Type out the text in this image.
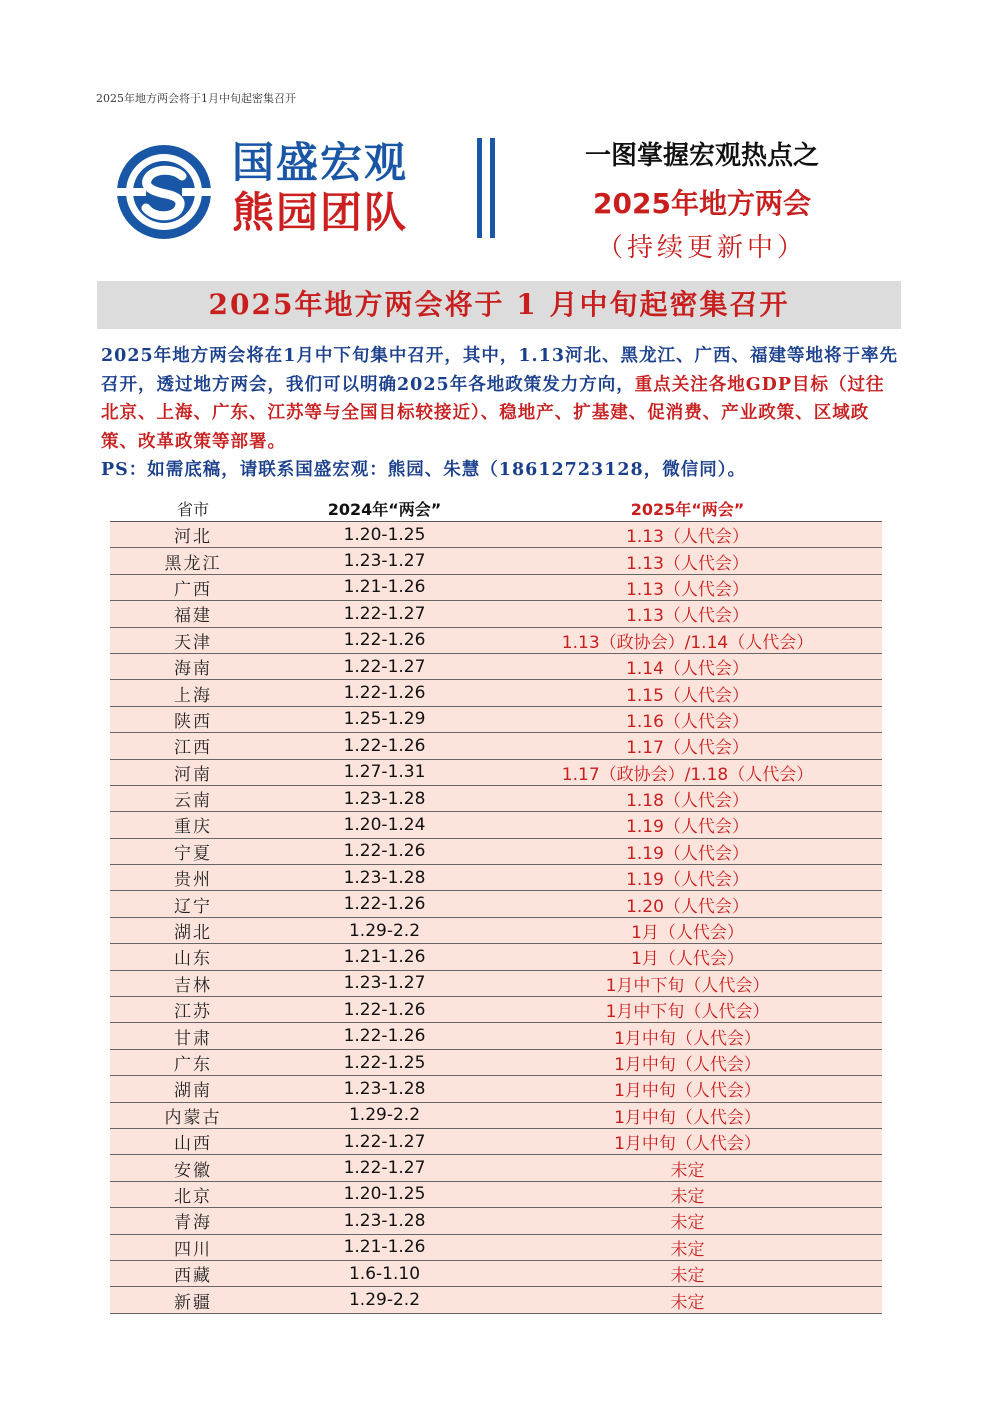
2025年地方两会将于1月中旬起密集召开
国盛宏观
熊园团队
一图掌握宏观热点之
2025年地方两会
（持续更新中）
2025年地方两会将于 1 月中旬起密集召开
2025年地方两会将在1月中下旬集中召开，其中，1.13河北、黑龙江、广西、福建等地将于率先召开，透过地方两会，我们可以明确2025年各地政策发力方向，重点关注各地GDP目标（过往北京、上海、广东、江苏等与全国目标较接近）、稳地产、扩基建、促消费、产业政策、区域政策、改革政策等部署。
PS：如需底稿，请联系国盛宏观：熊园、朱慧（18612723128，微信同）。
省市	2024年“两会”	2025年“两会”
河北	1.20-1.25	1.13（人代会）
黑龙江	1.23-1.27	1.13（人代会）
广西	1.21-1.26	1.13（人代会）
福建	1.22-1.27	1.13（人代会）
天津	1.22-1.26	1.13（政协会）/1.14（人代会）
海南	1.22-1.27	1.14（人代会）
上海	1.22-1.26	1.15（人代会）
陕西	1.25-1.29	1.16（人代会）
江西	1.22-1.26	1.17（人代会）
河南	1.27-1.31	1.17（政协会）/1.18（人代会）
云南	1.23-1.28	1.18（人代会）
重庆	1.20-1.24	1.19（人代会）
宁夏	1.22-1.26	1.19（人代会）
贵州	1.23-1.28	1.19（人代会）
辽宁	1.22-1.26	1.20（人代会）
湖北	1.29-2.2	1月（人代会）
山东	1.21-1.26	1月（人代会）
吉林	1.23-1.27	1月中下旬（人代会）
江苏	1.22-1.26	1月中下旬（人代会）
甘肃	1.22-1.26	1月中旬（人代会）
广东	1.22-1.25	1月中旬（人代会）
湖南	1.23-1.28	1月中旬（人代会）
内蒙古	1.29-2.2	1月中旬（人代会）
山西	1.22-1.27	1月中旬（人代会）
安徽	1.22-1.27	未定
北京	1.20-1.25	未定
青海	1.23-1.28	未定
四川	1.21-1.26	未定
西藏	1.6-1.10	未定
新疆	1.29-2.2	未定
